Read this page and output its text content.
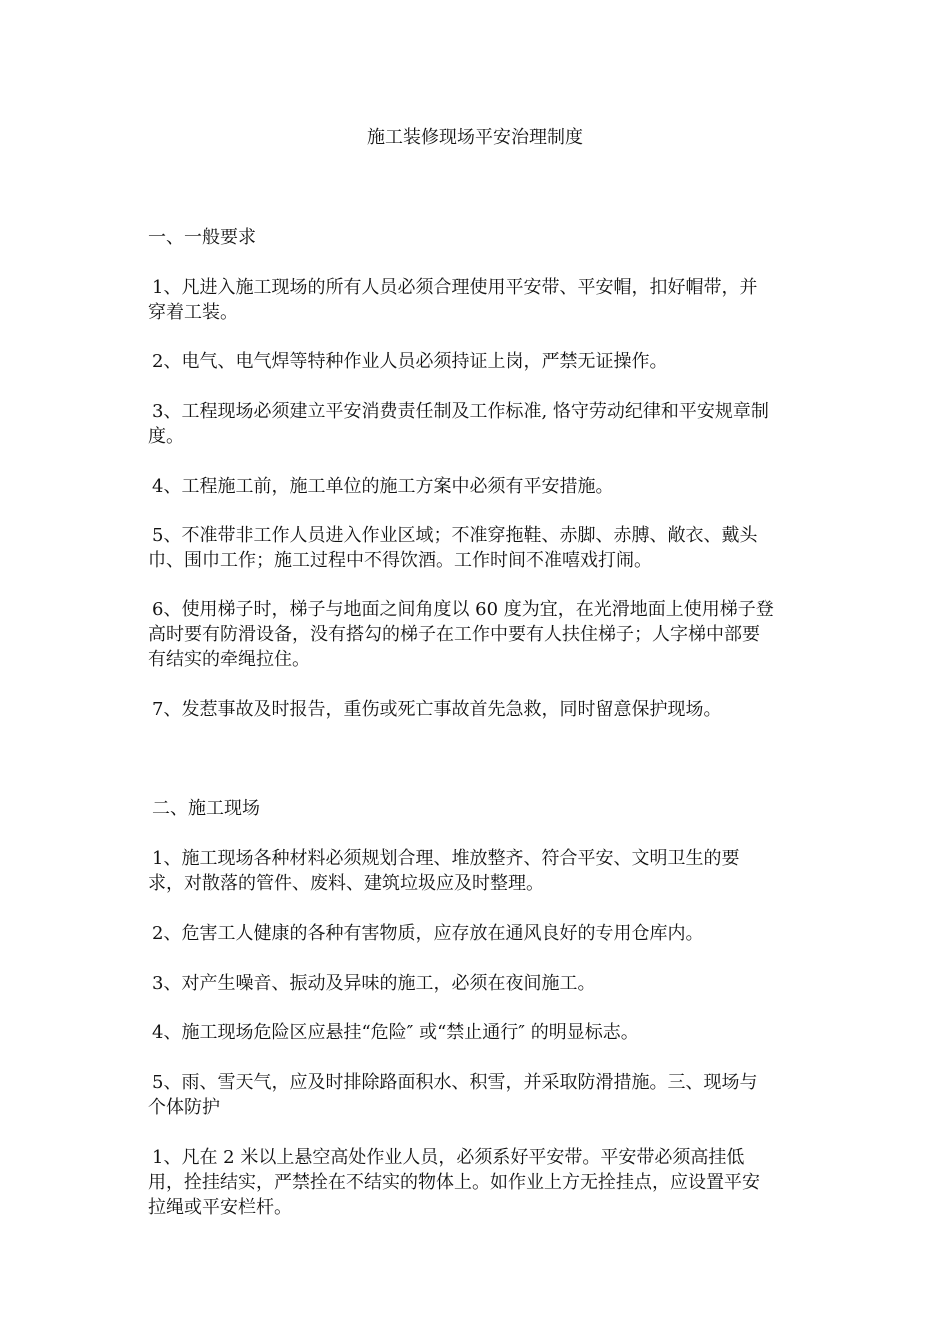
施工装修现场平安治理制度
一、一般要求
1、凡进入施工现场的所有人员必须合理使用平安带、平安帽，扣好帽带，并
穿着工装。
2、电气、电气焊等特种作业人员必须持证上岗，严禁无证操作。
3、工程现场必须建立平安消费责任制及工作标准, 恪守劳动纪律和平安规章制
度。
4、工程施工前，施工单位的施工方案中必须有平安措施。
5、不准带非工作人员进入作业区域；不准穿拖鞋、赤脚、赤膊、敞衣、戴头
巾、围巾工作；施工过程中不得饮酒。工作时间不准嘻戏打闹。
6、使用梯子时，梯子与地面之间角度以 60 度为宜，在光滑地面上使用梯子登
高时要有防滑设备，没有搭勾的梯子在工作中要有人扶住梯子；人字梯中部要
有结实的牵绳拉住。
7、发惹事故及时报告，重伤或死亡事故首先急救，同时留意保护现场。
二、施工现场
1、施工现场各种材料必须规划合理、堆放整齐、符合平安、文明卫生的要
求，对散落的管件、废料、建筑垃圾应及时整理。
2、危害工人健康的各种有害物质，应存放在通风良好的专用仓库内。
3、对产生噪音、振动及异味的施工，必须在夜间施工。
4、施工现场危险区应悬挂“危险″ 或“禁止通行″ 的明显标志。
5、雨、雪天气，应及时排除路面积水、积雪，并采取防滑措施。三、现场与
个体防护
1、凡在 2 米以上悬空高处作业人员，必须系好平安带。平安带必须高挂低
用，拴挂结实，严禁拴在不结实的物体上。如作业上方无拴挂点，应设置平安
拉绳或平安栏杆。
